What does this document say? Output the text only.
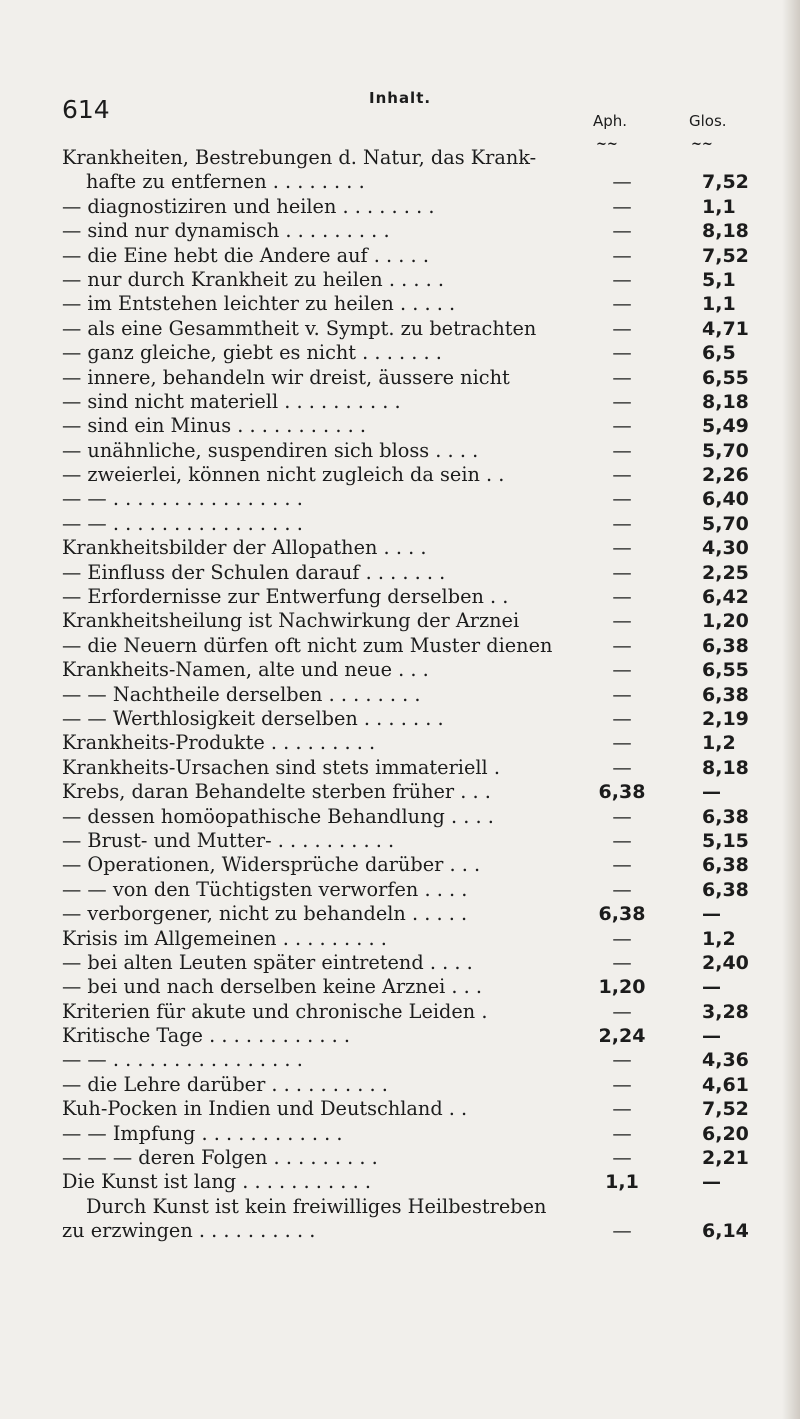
614	Inhalt.
Aph.	Glos.
~~	~~
Krankheiten, Bestrebungen d. Natur, das Krank-
hafte zu entfernen . . . . . . . .	—	7,52
— diagnostiziren und heilen . . . . . . . .	—	1,1
— sind nur dynamisch . . . . . . . . .	—	8,18
— die Eine hebt die Andere auf . . . . .	—	7,52
— nur durch Krankheit zu heilen . . . . .	—	5,1
— im Entstehen leichter zu heilen . . . . .	—	1,1
— als eine Gesammtheit v. Sympt. zu betrachten	—	4,71
— ganz gleiche, giebt es nicht . . . . . . .	—	6,5
— innere, behandeln wir dreist, äussere nicht	—	6,55
— sind nicht materiell . . . . . . . . . .	—	8,18
— sind ein Minus . . . . . . . . . . .	—	5,49
— unähnliche, suspendiren sich bloss . . . .	—	5,70
— zweierlei, können nicht zugleich da sein . .	—	2,26
— — . . . . . . . . . . . . . . . .	—	6,40
— — . . . . . . . . . . . . . . . .	—	5,70
Krankheitsbilder der Allopathen . . . .	—	4,30
— Einfluss der Schulen darauf . . . . . . .	—	2,25
— Erfordernisse zur Entwerfung derselben . .	—	6,42
Krankheitsheilung ist Nachwirkung der Arznei	—	1,20
— die Neuern dürfen oft nicht zum Muster dienen	—	6,38
Krankheits-Namen, alte und neue . . .	—	6,55
— — Nachtheile derselben . . . . . . . .	—	6,38
— — Werthlosigkeit derselben . . . . . . .	—	2,19
Krankheits-Produkte . . . . . . . . .	—	1,2
Krankheits-Ursachen sind stets immateriell .	—	8,18
Krebs, daran Behandelte sterben früher . . .	6,38	—
— dessen homöopathische Behandlung . . . .	—	6,38
— Brust- und Mutter- . . . . . . . . . .	—	5,15
— Operationen, Widersprüche darüber . . .	—	6,38
— — von den Tüchtigsten verworfen . . . .	—	6,38
— verborgener, nicht zu behandeln . . . . .	6,38	—
Krisis im Allgemeinen . . . . . . . . .	—	1,2
— bei alten Leuten später eintretend . . . .	—	2,40
— bei und nach derselben keine Arznei . . .	1,20	—
Kriterien für akute und chronische Leiden .	—	3,28
Kritische Tage . . . . . . . . . . . .	2,24	—
— — . . . . . . . . . . . . . . . .	—	4,36
— die Lehre darüber . . . . . . . . . .	—	4,61
Kuh-Pocken in Indien und Deutschland . .	—	7,52
— — Impfung . . . . . . . . . . . .	—	6,20
— — — deren Folgen . . . . . . . . .	—	2,21
Die Kunst ist lang . . . . . . . . . . .	1,1	—
Durch Kunst ist kein freiwilliges Heilbestreben
zu erzwingen . . . . . . . . . .	—	6,14
